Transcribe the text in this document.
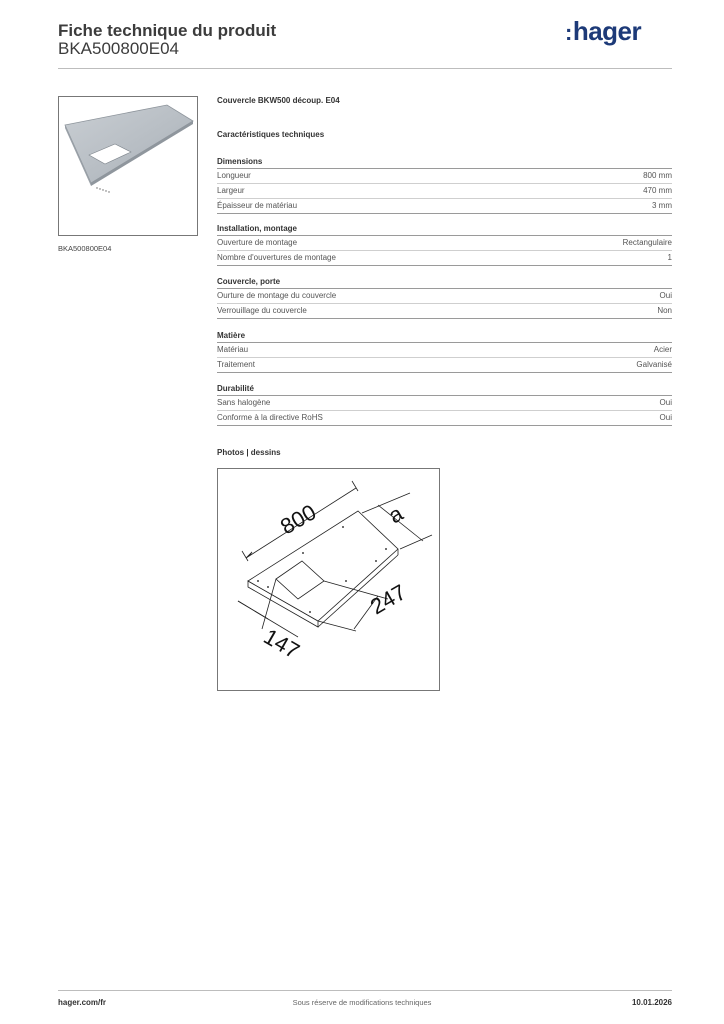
Fiche technique du produit
BKA500800E04
:hager
BKA500800E04
Couvercle BKW500 découp. E04
Caractéristiques techniques
Dimensions
Longueur	800 mm
Largeur	470 mm
Épaisseur de matériau	3 mm
Installation, montage
Ouverture de montage	Rectangulaire
Nombre d'ouvertures de montage	1
Couvercle, porte
Ourture de montage du couvercle	Oui
Verrouillage du couvercle	Non
Matière
Matériau	Acier
Traitement	Galvanisé
Durabilité
Sans halogène	Oui
Conforme à la directive RoHS	Oui
Photos | dessins
800	a
247
147
hager.com/fr	Sous réserve de modifications techniques	10.01.2026
